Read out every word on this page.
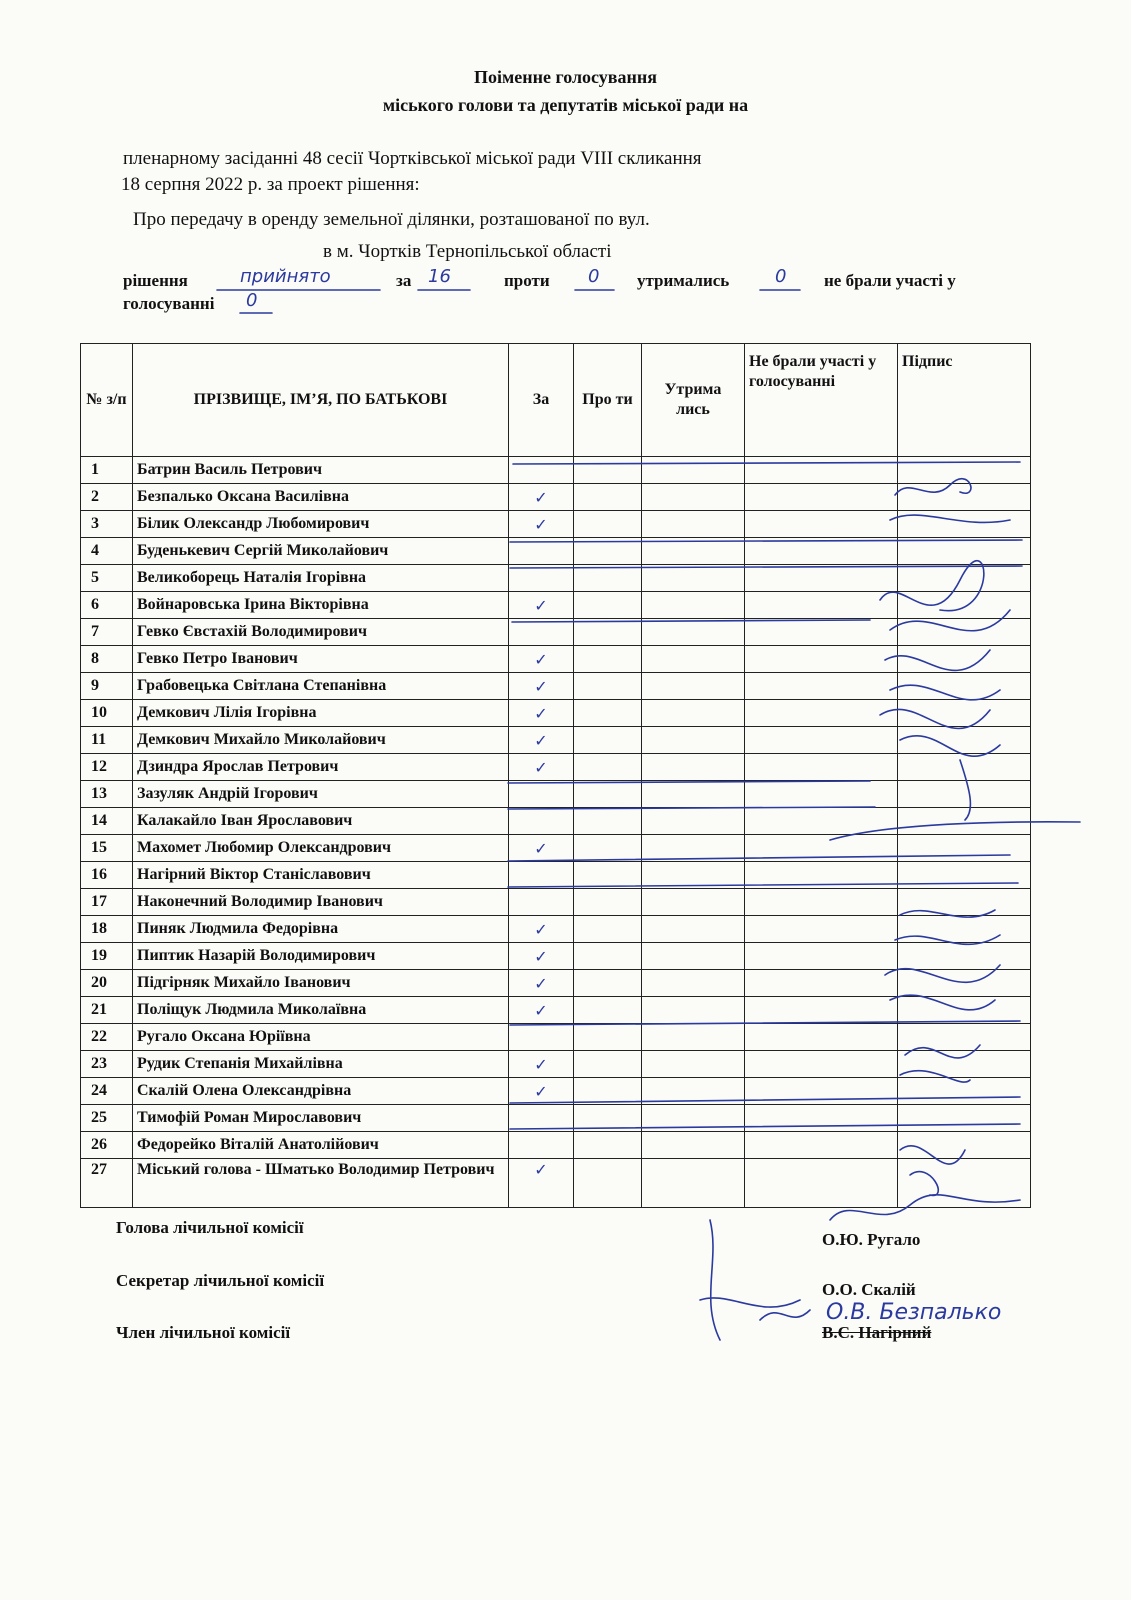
Поіменне голосування
міського голови та депутатів міської ради на
пленарному засіданні 48 сесії Чортківської міської ради VIII скликання
18 серпня 2022 р. за проект рішення:
Про передачу в оренду земельної ділянки, розташованої по вул.
в м. Чортків Тернопільської області
рішення	прийнято	за 16	проти 0 утримались	0 не брали участі у
голосуванні 0
№ з/п	ПРІЗВИЩЕ, ІМ’Я, ПО БАТЬКОВІ	За	Про ти	Утрима лись	Не брали участі у голосуванні	Підпис
1	Батрин Василь Петрович					
2	Безпалько Оксана Василівна	✓				
3	Білик Олександр Любомирович	✓				
4	Буденькевич Сергій Миколайович					
5	Великоборець Наталія Ігорівна					
6	Войнаровська Ірина Вікторівна	✓				
7	Гевко Євстахій Володимирович					
8	Гевко Петро Іванович	✓				
9	Грабовецька Світлана Степанівна	✓				
10	Демкович Лілія Ігорівна	✓				
11	Демкович Михайло Миколайович	✓				
12	Дзиндра Ярослав Петрович	✓				
13	Зазуляк Андрій Ігорович					
14	Калакайло Іван Ярославович					
15	Махомет Любомир Олександрович	✓				
16	Нагірний Віктор Станіславович					
17	Наконечний Володимир Іванович					
18	Пиняк Людмила Федорівна	✓				
19	Пиптик Назарій Володимирович	✓				
20	Підгірняк Михайло Іванович	✓				
21	Поліщук Людмила Миколаївна	✓				
22	Ругало Оксана Юріївна					
23	Рудик Степанія Михайлівна	✓				
24	Скалій Олена Олександрівна	✓				
25	Тимофій Роман Мирославович					
26	Федорейко Віталій Анатолійович					
27	Міський голова - Шматько Володимир Петрович	✓				
Голова лічильної комісії
Секретар лічильної комісії
Член лічильної комісії
О.Ю. Ругало
О.О. Скалій
В.С. Нагірний
О.В. Безпалько
